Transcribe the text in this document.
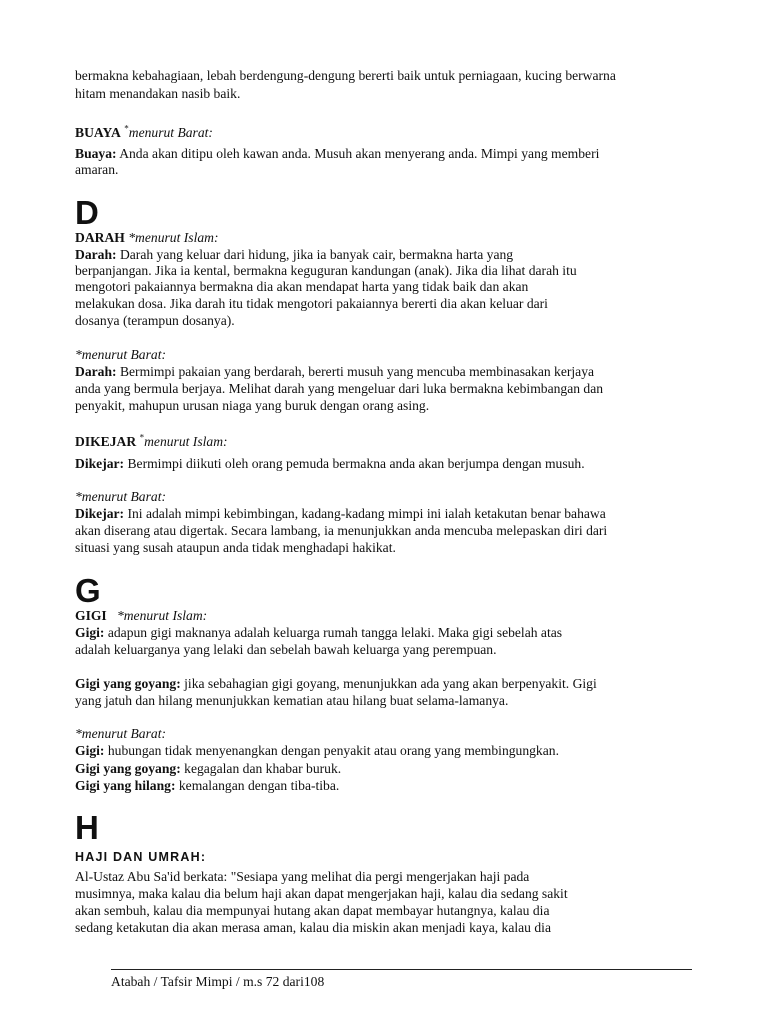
bermakna kebahagiaan, lebah berdengung-dengung bererti baik untuk perniagaan, kucing berwarna
hitam menandakan nasib baik.
BUAYA *menurut Barat:
Buaya: Anda akan ditipu oleh kawan anda. Musuh akan menyerang anda. Mimpi yang memberi
amaran.
D
DARAH *menurut Islam:
Darah: Darah yang keluar dari hidung, jika ia banyak cair, bermakna harta yang
berpanjangan. Jika ia kental, bermakna keguguran kandungan (anak). Jika dia lihat darah itu
mengotori pakaiannya bermakna dia akan mendapat harta yang tidak baik dan akan
melakukan dosa. Jika darah itu tidak mengotori pakaiannya bererti dia akan keluar dari
dosanya (terampun dosanya).
*menurut Barat:
Darah: Bermimpi pakaian yang berdarah, bererti musuh yang mencuba membinasakan kerjaya
anda yang bermula berjaya. Melihat darah yang mengeluar dari luka bermakna kebimbangan dan
penyakit, mahupun urusan niaga yang buruk dengan orang asing.
DIKEJAR *menurut Islam:
Dikejar: Bermimpi diikuti oleh orang pemuda bermakna anda akan berjumpa dengan musuh.
*menurut Barat:
Dikejar: Ini adalah mimpi kebimbingan, kadang-kadang mimpi ini ialah ketakutan benar bahawa
akan diserang atau digertak. Secara lambang, ia menunjukkan anda mencuba melepaskan diri dari
situasi yang susah ataupun anda tidak menghadapi hakikat.
G
GIGI *menurut Islam:
Gigi: adapun gigi maknanya adalah keluarga rumah tangga lelaki. Maka gigi sebelah atas
adalah keluarganya yang lelaki dan sebelah bawah keluarga yang perempuan.
Gigi yang goyang: jika sebahagian gigi goyang, menunjukkan ada yang akan berpenyakit. Gigi
yang jatuh dan hilang menunjukkan kematian atau hilang buat selama-lamanya.
*menurut Barat:
Gigi: hubungan tidak menyenangkan dengan penyakit atau orang yang membingungkan.
Gigi yang goyang: kegagalan dan khabar buruk.
Gigi yang hilang: kemalangan dengan tiba-tiba.
H
HAJI DAN UMRAH:
Al-Ustaz Abu Sa'id berkata: "Sesiapa yang melihat dia pergi mengerjakan haji pada
musimnya, maka kalau dia belum haji akan dapat mengerjakan haji, kalau dia sedang sakit
akan sembuh, kalau dia mempunyai hutang akan dapat membayar hutangnya, kalau dia
sedang ketakutan dia akan merasa aman, kalau dia miskin akan menjadi kaya, kalau dia
Atabah / Tafsir Mimpi / m.s 72 dari108
